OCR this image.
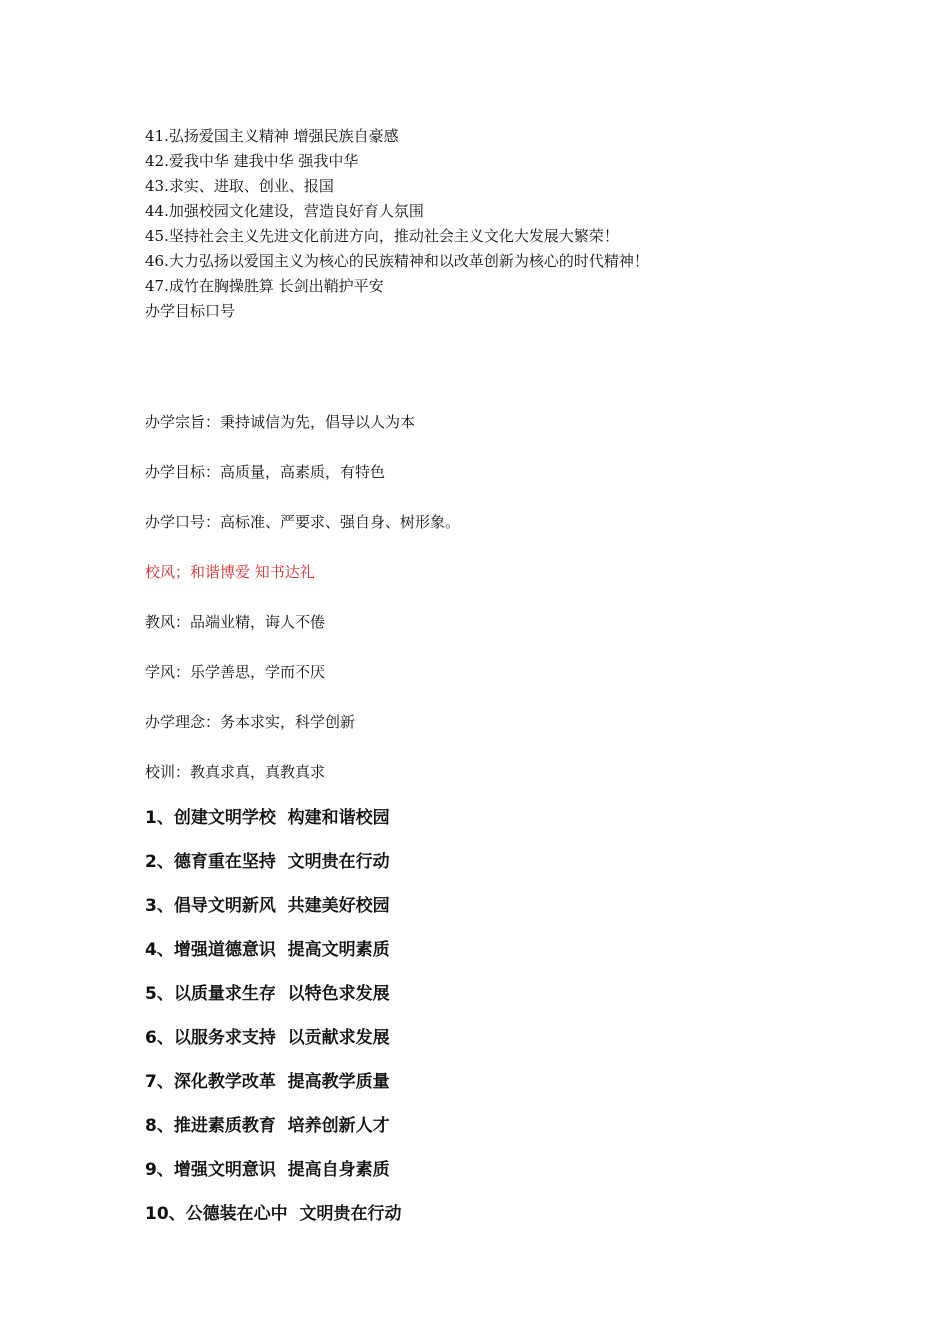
41.弘扬爱国主义精神 增强民族自豪感
42.爱我中华 建我中华 强我中华
43.求实、进取、创业、报国
44.加强校园文化建设，营造良好育人氛围
45.坚持社会主义先进文化前进方向，推动社会主义文化大发展大繁荣！
46.大力弘扬以爱国主义为核心的民族精神和以改革创新为核心的时代精神！
47.成竹在胸操胜算 长剑出鞘护平安
办学目标口号
办学宗旨：秉持诚信为先，倡导以人为本
办学目标：高质量，高素质，有特色
办学口号：高标准、严要求、强自身、树形象。
校风；和谐博爱 知书达礼
教风：品端业精，诲人不倦
学风：乐学善思，学而不厌
办学理念：务本求实，科学创新
校训：教真求真，真教真求
1、创建文明学校  构建和谐校园
2、德育重在坚持  文明贵在行动
3、倡导文明新风  共建美好校园
4、增强道德意识  提高文明素质
5、以质量求生存  以特色求发展
6、以服务求支持  以贡献求发展
7、深化教学改革  提高教学质量
8、推进素质教育  培养创新人才
9、增强文明意识  提高自身素质
10、公德装在心中  文明贵在行动
